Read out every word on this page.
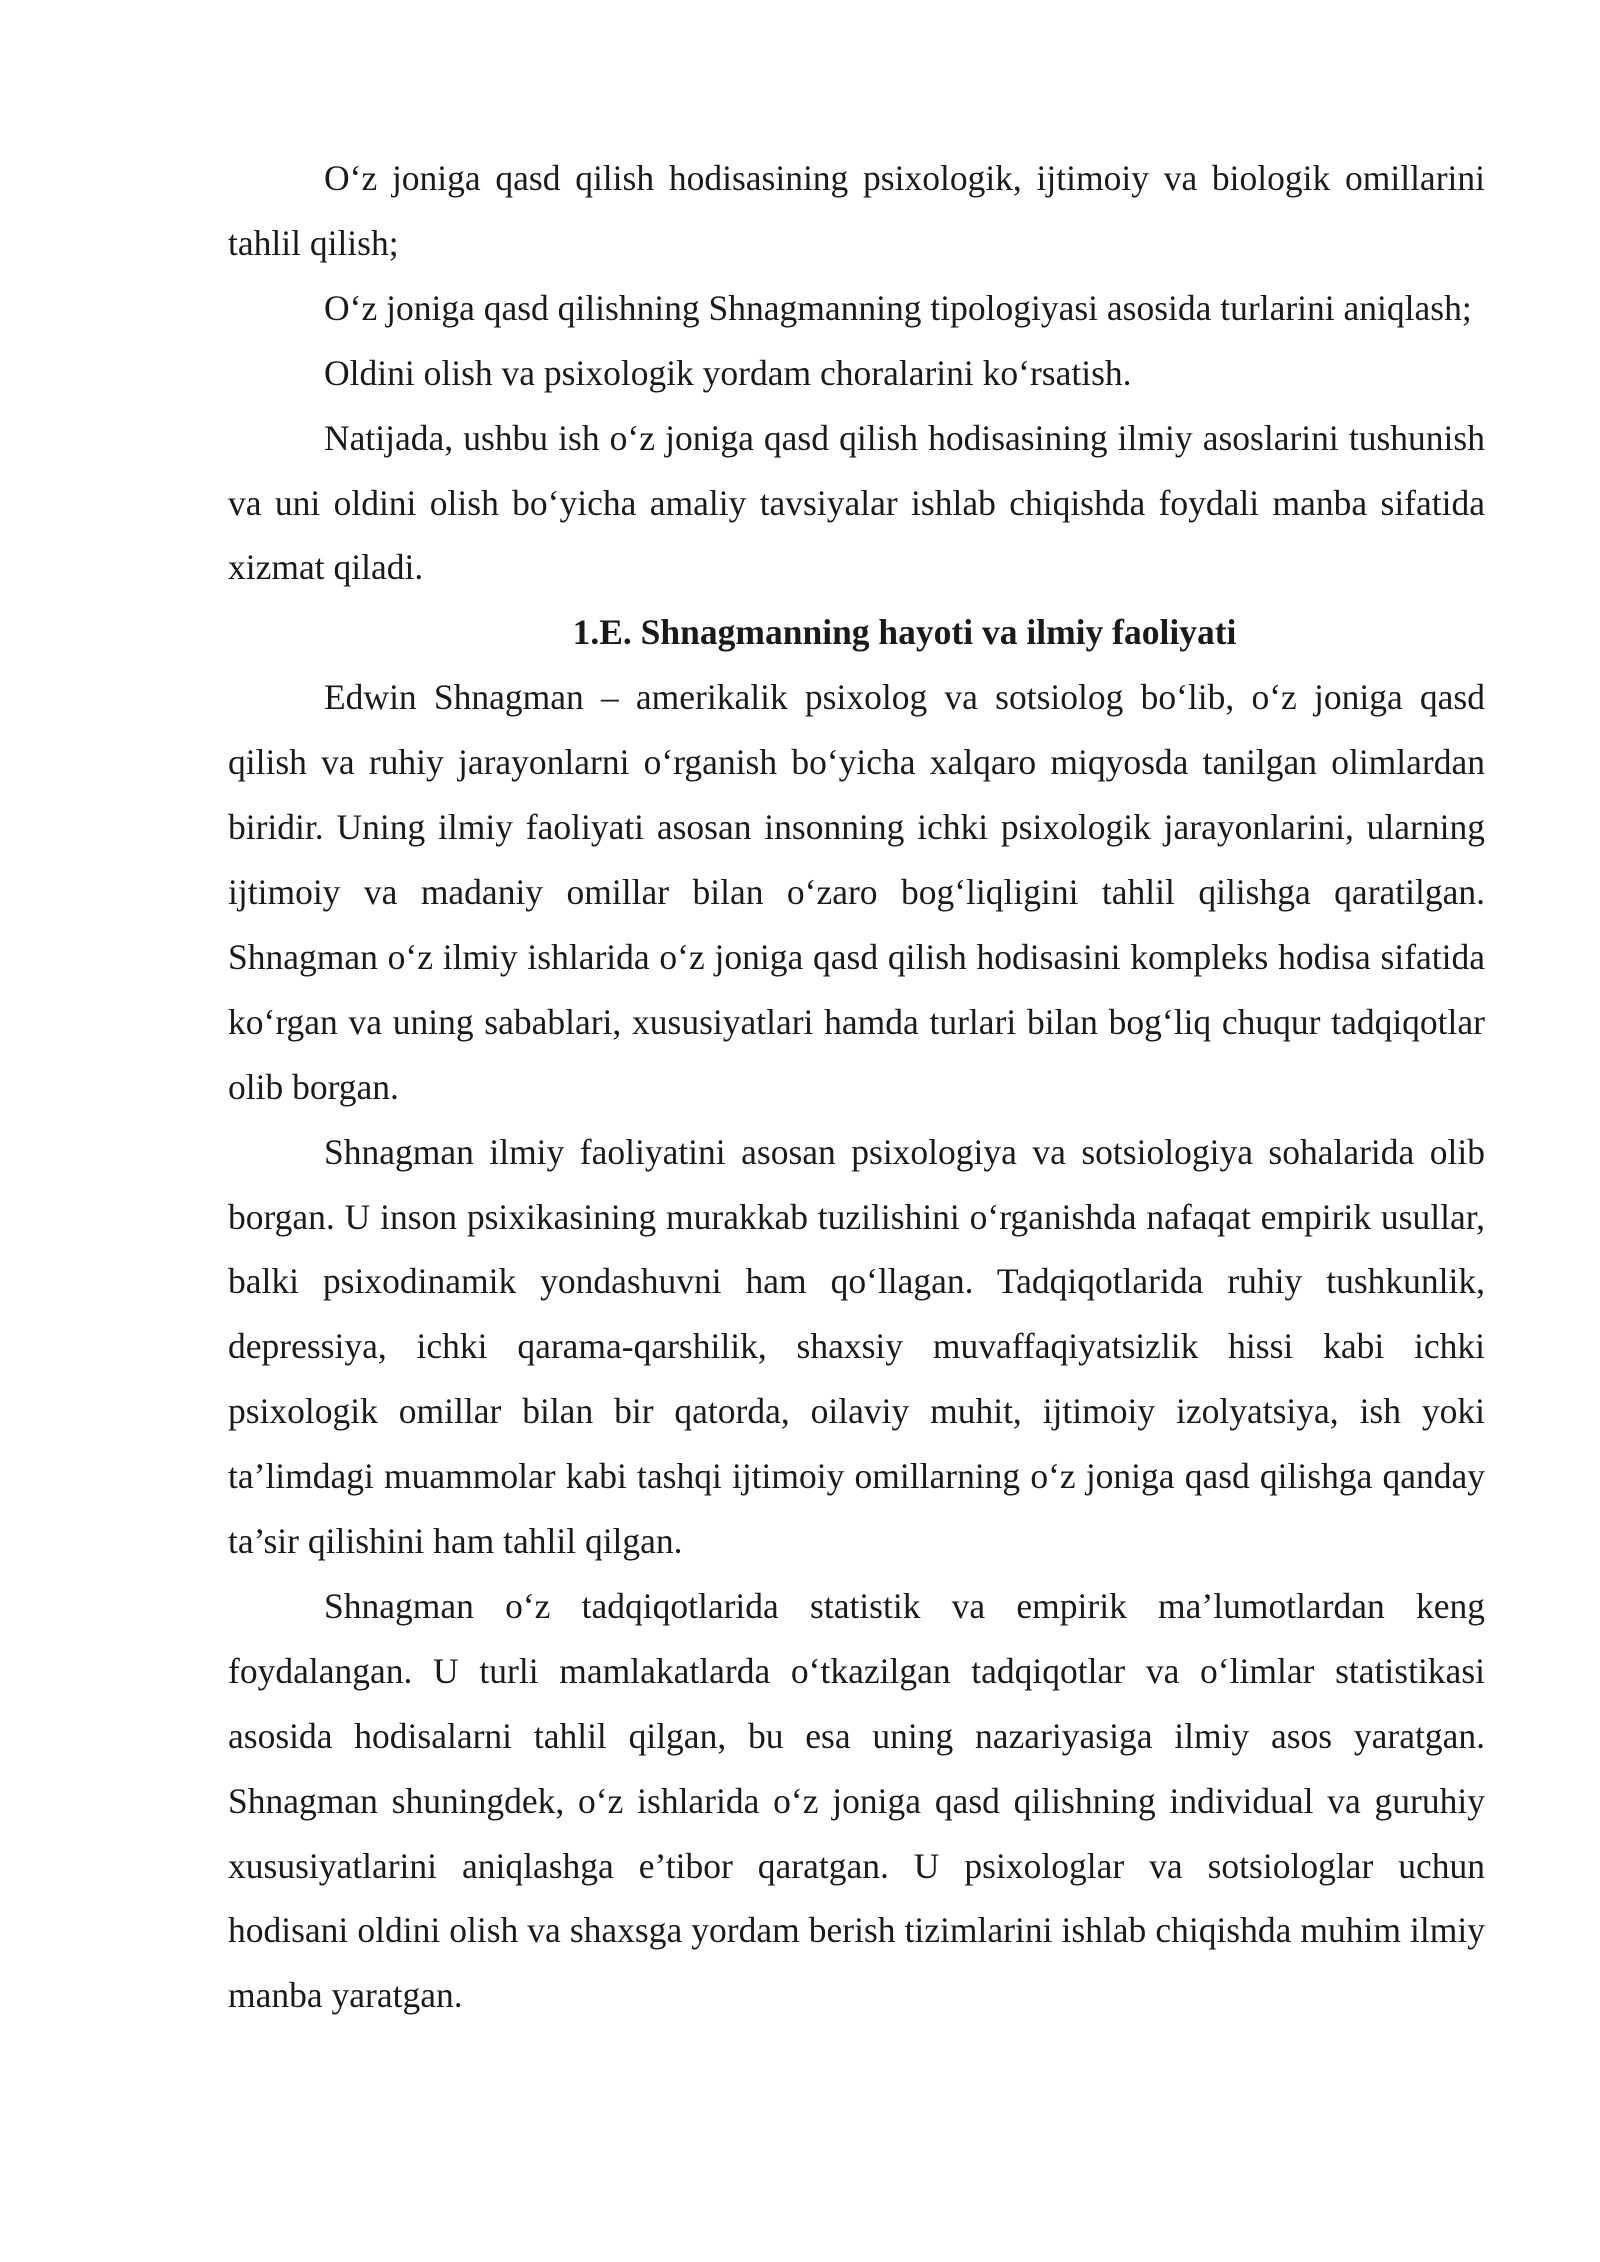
O‘z joniga qasd qilish hodisasining psixologik, ijtimoiy va biologik omillarini tahlil qilish;

O‘z joniga qasd qilishning Shnagmanning tipologiyasi asosida turlarini aniqlash;

Oldini olish va psixologik yordam choralarini ko‘rsatish.

Natijada, ushbu ish o‘z joniga qasd qilish hodisasining ilmiy asoslarini tushunish va uni oldini olish bo‘yicha amaliy tavsiyalar ishlab chiqishda foydali manba sifatida xizmat qiladi.

1.E. Shnagmanning hayoti va ilmiy faoliyati

Edwin Shnagman – amerikalik psixolog va sotsiolog bo‘lib, o‘z joniga qasd qilish va ruhiy jarayonlarni o‘rganish bo‘yicha xalqaro miqyosda tanilgan olimlardan biridir. Uning ilmiy faoliyati asosan insonning ichki psixologik jarayonlarini, ularning ijtimoiy va madaniy omillar bilan o‘zaro bog‘liqligini tahlil qilishga qaratilgan. Shnagman o‘z ilmiy ishlarida o‘z joniga qasd qilish hodisasini kompleks hodisa sifatida ko‘rgan va uning sabablari, xususiyatlari hamda turlari bilan bog‘liq chuqur tadqiqotlar olib borgan.

Shnagman ilmiy faoliyatini asosan psixologiya va sotsiologiya sohalarida olib borgan. U inson psixikasining murakkab tuzilishini o‘rganishda nafaqat empirik usullar, balki psixodinamik yondashuvni ham qo‘llagan. Tadqiqotlarida ruhiy tushkunlik, depressiya, ichki qarama-qarshilik, shaxsiy muvaffaqiyatsizlik hissi kabi ichki psixologik omillar bilan bir qatorda, oilaviy muhit, ijtimoiy izolyatsiya, ish yoki ta’limdagi muammolar kabi tashqi ijtimoiy omillarning o‘z joniga qasd qilishga qanday ta’sir qilishini ham tahlil qilgan.

Shnagman o‘z tadqiqotlarida statistik va empirik ma’lumotlardan keng foydalangan. U turli mamlakatlarda o‘tkazilgan tadqiqotlar va o‘limlar statistikasi asosida hodisalarni tahlil qilgan, bu esa uning nazariyasiga ilmiy asos yaratgan. Shnagman shuningdek, o‘z ishlarida o‘z joniga qasd qilishning individual va guruhiy xususiyatlarini aniqlashga e’tibor qaratgan. U psixologlar va sotsiologlar uchun hodisani oldini olish va shaxsga yordam berish tizimlarini ishlab chiqishda muhim ilmiy manba yaratgan.
